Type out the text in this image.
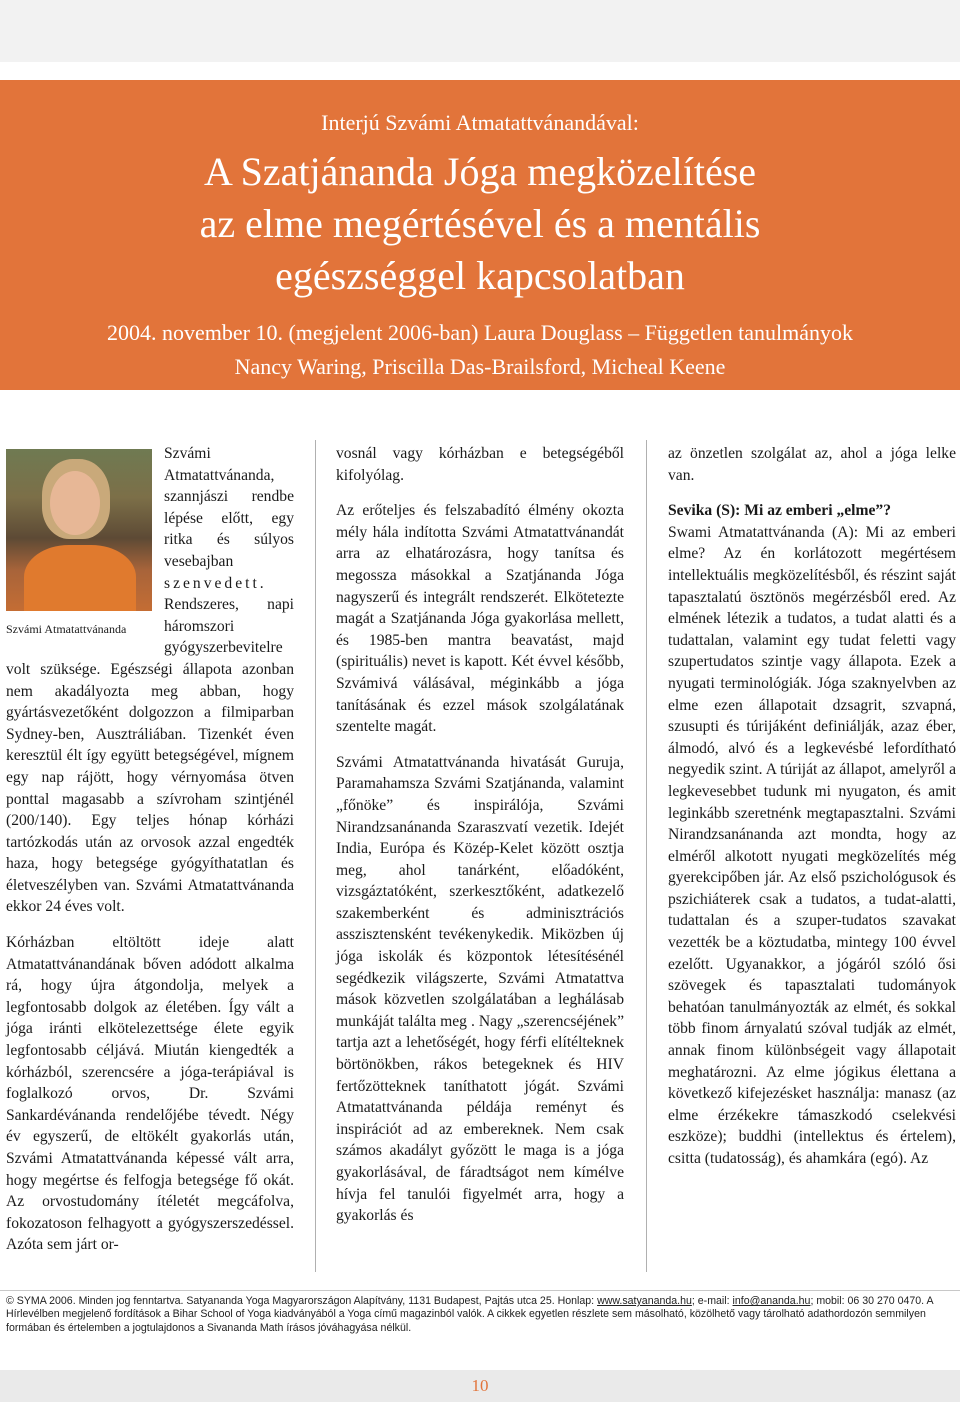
Interjú Szvámi Atmatattvánandával:
A Szatjánanda Jóga megközelítése
az elme megértésével és a mentális
egészséggel kapcsolatban
2004. november 10. (megjelent 2006-ban) Laura Douglass – Független tanulmányok
Nancy Waring, Priscilla Das-Brailsford, Micheal Keene
Szvámi Atmatattvánanda

Szvámi Atmatattvánanda, szannjászi rendbe lépése előtt, egy ritka és súlyos vesebajban szenvedett. Rendszeres, napi háromszori gyógyszerbevitelre volt szüksége. Egészségi állapota azonban nem akadályozta meg abban, hogy gyártásvezetőként dolgozzon a filmiparban Sydney-ben, Ausztráliában. Tizenkét éven keresztül élt így együtt betegségével, mígnem egy nap rájött, hogy vérnyomása ötven ponttal magasabb a szívroham szintjénél (200/140). Egy teljes hónap kórházi tartózkodás után az orvosok azzal engedték haza, hogy betegsége gyógyíthatatlan és életveszélyben van. Szvámi Atmatattvánanda ekkor 24 éves volt.

Kórházban eltöltött ideje alatt Atmatattvánandának bőven adódott alkalma rá, hogy újra átgondolja, melyek a legfontosabb dolgok az életében. Így vált a jóga iránti elkötelezettsége élete egyik legfontosabb céljává. Miután kiengedték a kórházból, szerencsére a jóga-terápiával is foglalkozó orvos, Dr. Szvámi Sankardévánanda rendelőjébe tévedt. Négy év egyszerű, de eltökélt gyakorlás után, Szvámi Atmatattvánanda képessé vált arra, hogy megértse és felfogja betegsége fő okát. Az orvostudomány ítéletét megcáfolva, fokozatoson felhagyott a gyógyszerszedéssel. Azóta sem járt or-

vosnál vagy kórházban e betegségéből kifolyólag.

Az erőteljes és felszabadító élmény okozta mély hála indította Szvámi Atmatattvánandát arra az elhatározásra, hogy tanítsa és megossza másokkal a Szatjánanda Jóga nagyszerű és integrált rendszerét. Elkötetezte magát a Szatjánanda Jóga gyakorlása mellett, és 1985-ben mantra beavatást, majd (spirituális) nevet is kapott. Két évvel később, Szvámivá válásával, méginkább a jóga tanításának és ezzel mások szolgálatának szentelte magát.

Szvámi Atmatattvánanda hivatását Guruja, Paramahamsza Szvámi Szatjánanda, valamint „főnöke” és inspirálója, Szvámi Nirandzsanánanda Szaraszvatí vezetik. Idejét India, Európa és Közép-Kelet között osztja meg, ahol tanárként, előadóként, vizsgáztatóként, szerkesztőként, adatkezelő szakemberként és adminisztrációs asszisztensként tevékenykedik. Miközben új jóga iskolák és központok létesítésénél segédkezik világszerte, Szvámi Atmatattva mások közvetlen szolgálatában a leghálásab munkáját találta meg . Nagy „szerencséjének” tartja azt a lehetőségét, hogy férfi elítélteknek börtönökben, rákos betegeknek és HIV fertőzötteknek taníthatott jógát. Szvámi Atmatattvánanda példája reményt és inspirációt ad az embereknek. Nem csak számos akadályt győzött le maga is a jóga gyakorlásával, de fáradtságot nem kímélve hívja fel tanulói figyelmét arra, hogy a gyakorlás és

az önzetlen szolgálat az, ahol a jóga lelke van.

Sevika (S): Mi az emberi „elme”?

Swami Atmatattvánanda (A): Mi az emberi elme? Az én korlátozott megértésem intellektuális megközelítésből, és részint saját tapasztalatú ösztönös megérzésből ered. Az elmének létezik a tudatos, a tudat alatti és a tudattalan, valamint egy tudat feletti vagy szupertudatos szintje vagy állapota. Ezek a nyugati terminológiák. Jóga szaknyelvben az elme ezen állapotait dzsagrit, szvapná, szusupti és túrijáként definiálják, azaz éber, álmodó, alvó és a legkevésbé lefordítható negyedik szint. A túriját az állapot, amelyről a legkevesebbet tudunk mi nyugaton, és amit leginkább szeretnénk megtapasztalni. Szvámi Nirandzsanánanda azt mondta, hogy az elméről alkotott nyugati megközelítés még gyerekcipőben jár. Az első pszichológusok és pszichiáterek csak a tudatos, a tudat-alatti, tudattalan és a szuper-tudatos szavakat vezették be a köztudatba, mintegy 100 évvel ezelőtt. Ugyanakkor, a jógáról szóló ősi szövegek és tapasztalati tudományok behatóan tanulmányozták az elmét, és sokkal több finom árnyalatú szóval tudják az elmét, annak finom különbségeit vagy állapotait meghatározni. Az elme jógikus élettana a következő kifejezésket használja: manasz (az elme érzékekre támaszkodó cselekvési eszköze); buddhi (intellektus és értelem), csitta (tudatosság), és ahamkára (egó). Az

© SYMA 2006. Minden jog fenntartva. Satyananda Yoga Magyarországon Alapítvány, 1131 Budapest, Pajtás utca 25. Honlap: www.satyananda.hu; e-mail: info@ananda.hu; mobil: 06 30 270 0470. A Hírlevélben megjelenő fordítások a Bihar School of Yoga kiadványából a Yoga című magazinból valók. A cikkek egyetlen részlete sem másolható, közölhető vagy tárolható adathordozón semmilyen formában és értelemben a jogtulajdonos a Sivananda Math írásos jóváhagyása nélkül.
10
